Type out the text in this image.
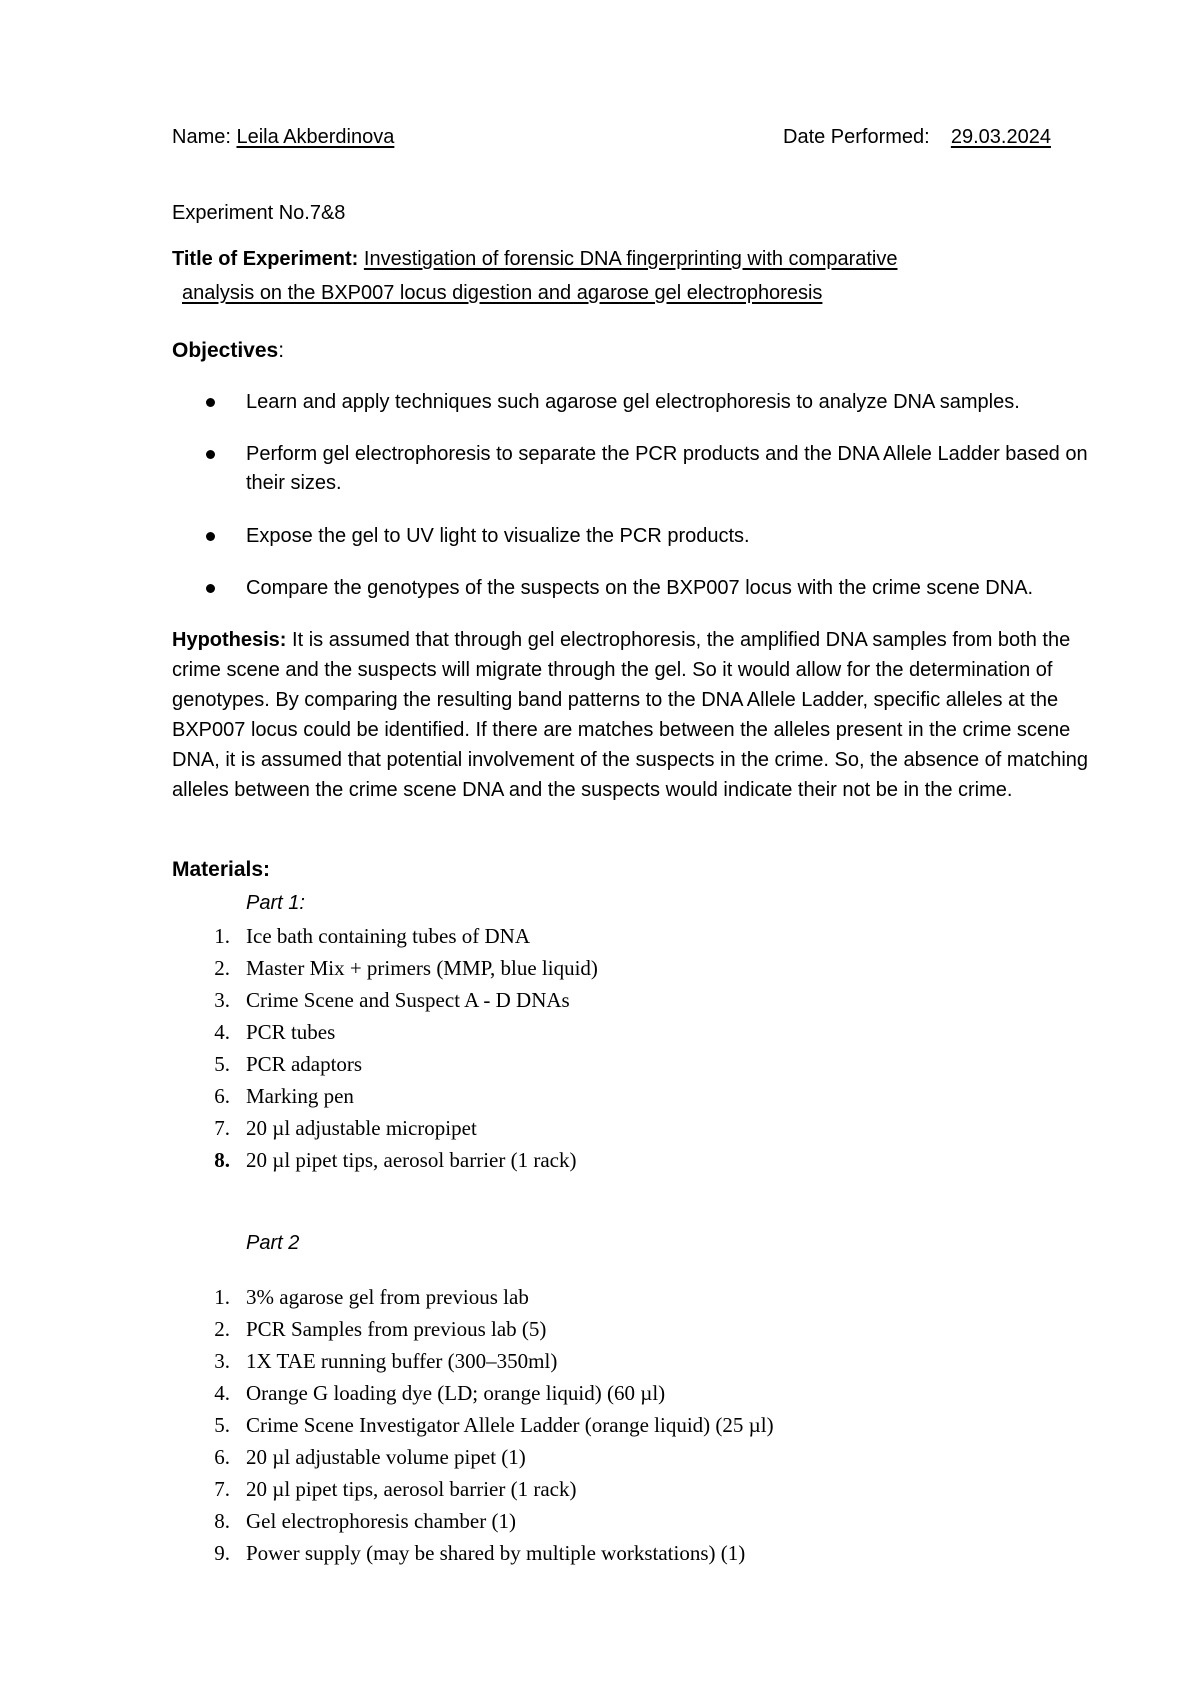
Name: Leila Akberdinova	Date Performed: 29.03.2024
Experiment No.7&8
Title of Experiment: Investigation of forensic DNA fingerprinting with comparative
analysis on the BXP007 locus digestion and agarose gel electrophoresis
Objectives:
Learn and apply techniques such agarose gel electrophoresis to analyze DNA samples.
Perform gel electrophoresis to separate the PCR products and the DNA Allele Ladder based on their sizes.
Expose the gel to UV light to visualize the PCR products.
Compare the genotypes of the suspects on the BXP007 locus with the crime scene DNA.
Hypothesis: It is assumed that through gel electrophoresis, the amplified DNA samples from both the crime scene and the suspects will migrate through the gel. So it would allow for the determination of genotypes. By comparing the resulting band patterns to the DNA Allele Ladder, specific alleles at the BXP007 locus could be identified. If there are matches between the alleles present in the crime scene DNA, it is assumed that potential involvement of the suspects in the crime. So, the absence of matching alleles between the crime scene DNA and the suspects would indicate their not be in the crime.
Materials:
Part 1:
1. Ice bath containing tubes of DNA
2. Master Mix + primers (MMP, blue liquid)
3. Crime Scene and Suspect A - D DNAs
4. PCR tubes
5. PCR adaptors
6. Marking pen
7. 20 µl adjustable micropipet
8. 20 µl pipet tips, aerosol barrier (1 rack)
Part 2
1. 3% agarose gel from previous lab
2. PCR Samples from previous lab (5)
3. 1X TAE running buffer (300–350ml)
4. Orange G loading dye (LD; orange liquid) (60 µl)
5. Crime Scene Investigator Allele Ladder (orange liquid) (25 µl)
6. 20 µl adjustable volume pipet (1)
7. 20 µl pipet tips, aerosol barrier (1 rack)
8. Gel electrophoresis chamber (1)
9. Power supply (may be shared by multiple workstations) (1)
